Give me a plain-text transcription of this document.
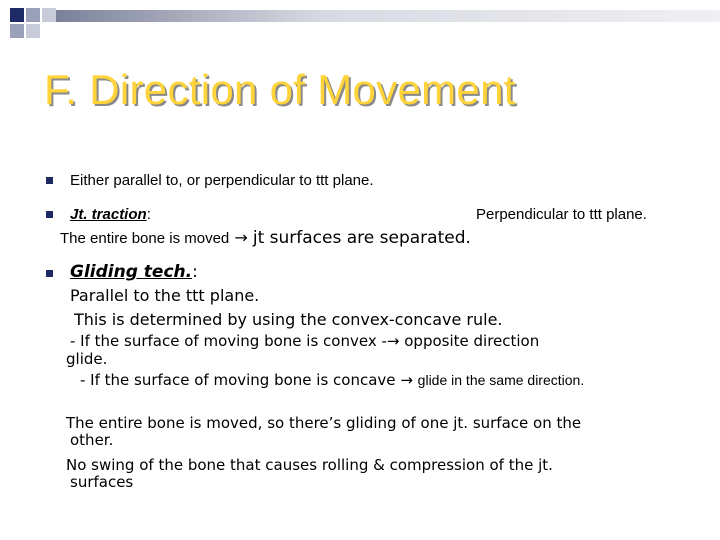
F. Direction of Movement
Either parallel to, or perpendicular to ttt plane.
Jt. traction:	Perpendicular to ttt plane.
The entire bone is moved → jt surfaces are separated.
Gliding tech.:
Parallel to the ttt plane.
This is determined by using the convex-concave rule.
- If the surface of moving bone is convex -→ opposite direction
glide.
- If the surface of moving bone is concave → glide in the same direction.
The entire bone is moved, so there’s gliding of one jt. surface on the
other.
No swing of the bone that causes rolling & compression of the jt.
surfaces
